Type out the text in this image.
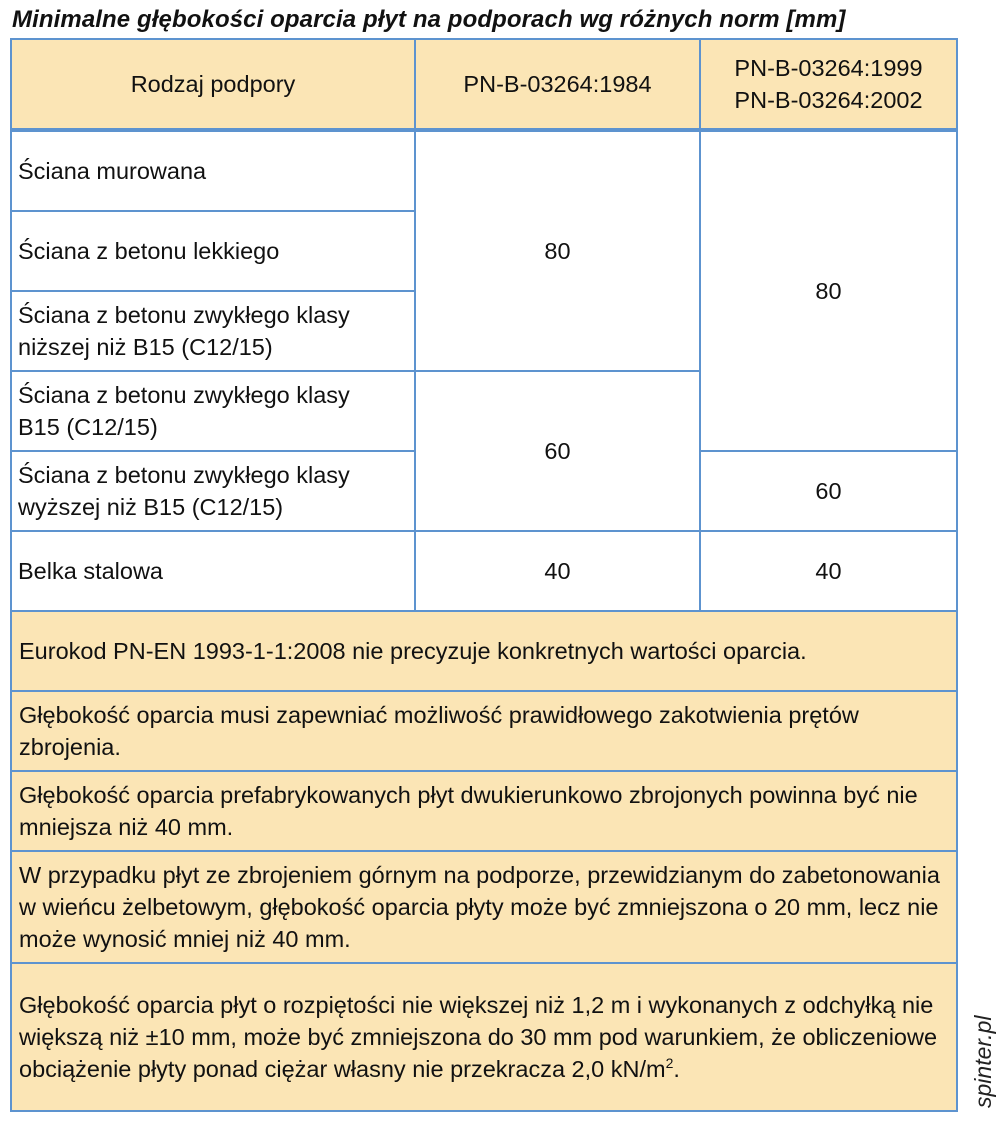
Minimalne głębokości oparcia płyt na podporach wg różnych norm [mm]
Rodzaj podpory	PN-B-03264:1984
PN-B-03264:1999
PN-B-03264:2002
Ściana murowana
Ściana z betonu lekkiego
Ściana z betonu zwykłego klasy niższej niż B15 (C12/15)
Ściana z betonu zwykłego klasy B15 (C12/15)
Ściana z betonu zwykłego klasy wyższej niż B15 (C12/15)
Belka stalowa
80
60
40
80
60
40
Eurokod PN-EN 1993-1-1:2008 nie precyzuje konkretnych wartości oparcia.
Głębokość oparcia musi zapewniać możliwość prawidłowego zakotwienia prętów zbrojenia.
Głębokość oparcia prefabrykowanych płyt dwukierunkowo zbrojonych powinna być nie mniejsza niż 40 mm.
W przypadku płyt ze zbrojeniem górnym na podporze, przewidzianym do zabetonowania w wieńcu żelbetowym, głębokość oparcia płyty może być zmniejszona o 20 mm, lecz nie może wynosić mniej niż 40 mm.
Głębokość oparcia płyt o rozpiętości nie większej niż 1,2 m i wykonanych z odchyłką nie większą niż ±10 mm, może być zmniejszona do 30 mm pod warunkiem, że obliczeniowe obciążenie płyty ponad ciężar własny nie przekracza 2,0 $kN/m^2$.	spinter.pl
